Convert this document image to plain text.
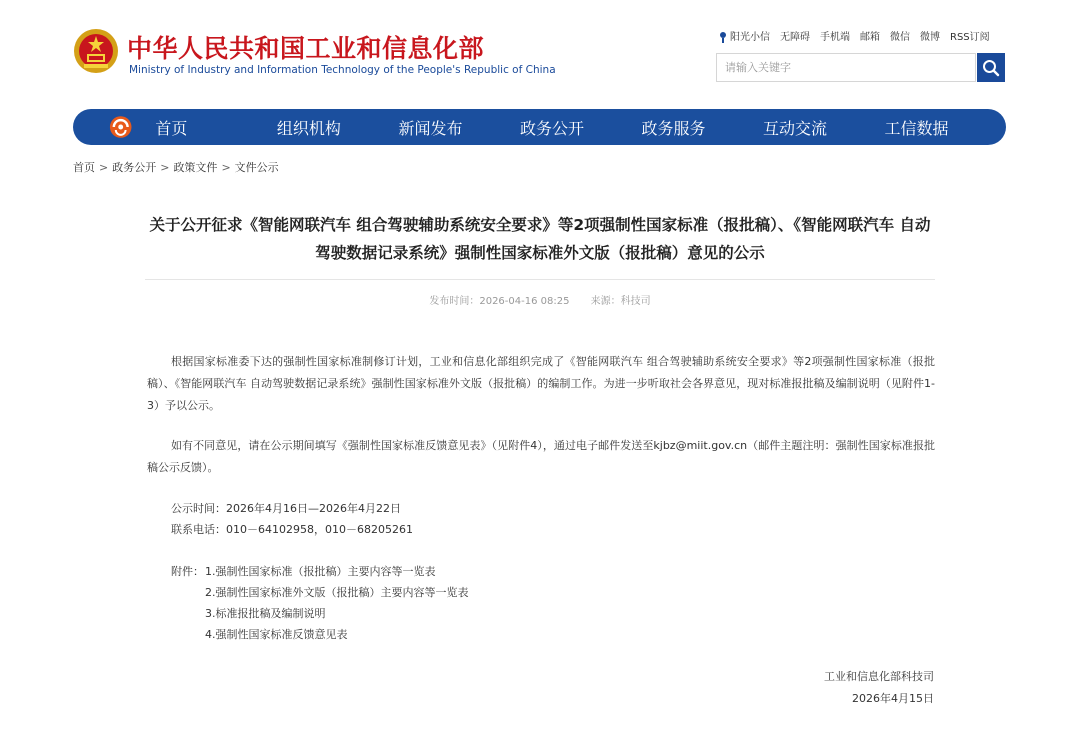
中华人民共和国工业和信息化部
Ministry of Industry and Information Technology of the People's Republic of China
阳光小信 无障碍 手机端 邮箱 微信 微博 RSS订阅
请输入关键字
首页	组织机构	新闻发布	政务公开	政务服务	互动交流	工信数据
首页 > 政务公开 > 政策文件 > 文件公示
关于公开征求《智能网联汽车 组合驾驶辅助系统安全要求》等2项强制性国家标准（报批稿）、《智能网联汽车 自动驾驶数据记录系统》强制性国家标准外文版（报批稿）意见的公示
发布时间：2026-04-16 08:25 来源：科技司
根据国家标准委下达的强制性国家标准制修订计划，工业和信息化部组织完成了《智能网联汽车 组合驾驶辅助系统安全要求》等2项强制性国家标准（报批稿）、《智能网联汽车 自动驾驶数据记录系统》强制性国家标准外文版（报批稿）的编制工作。为进一步听取社会各界意见，现对标准报批稿及编制说明（见附件1-3）予以公示。
如有不同意见，请在公示期间填写《强制性国家标准反馈意见表》（见附件4），通过电子邮件发送至kjbz@miit.gov.cn（邮件主题注明：强制性国家标准报批稿公示反馈）。
公示时间：2026年4月16日—2026年4月22日
联系电话：010－64102958，010－68205261
附件： 1.强制性国家标准（报批稿）主要内容等一览表
2.强制性国家标准外文版（报批稿）主要内容等一览表
3.标准报批稿及编制说明
4.强制性国家标准反馈意见表
工业和信息化部科技司
2026年4月15日
